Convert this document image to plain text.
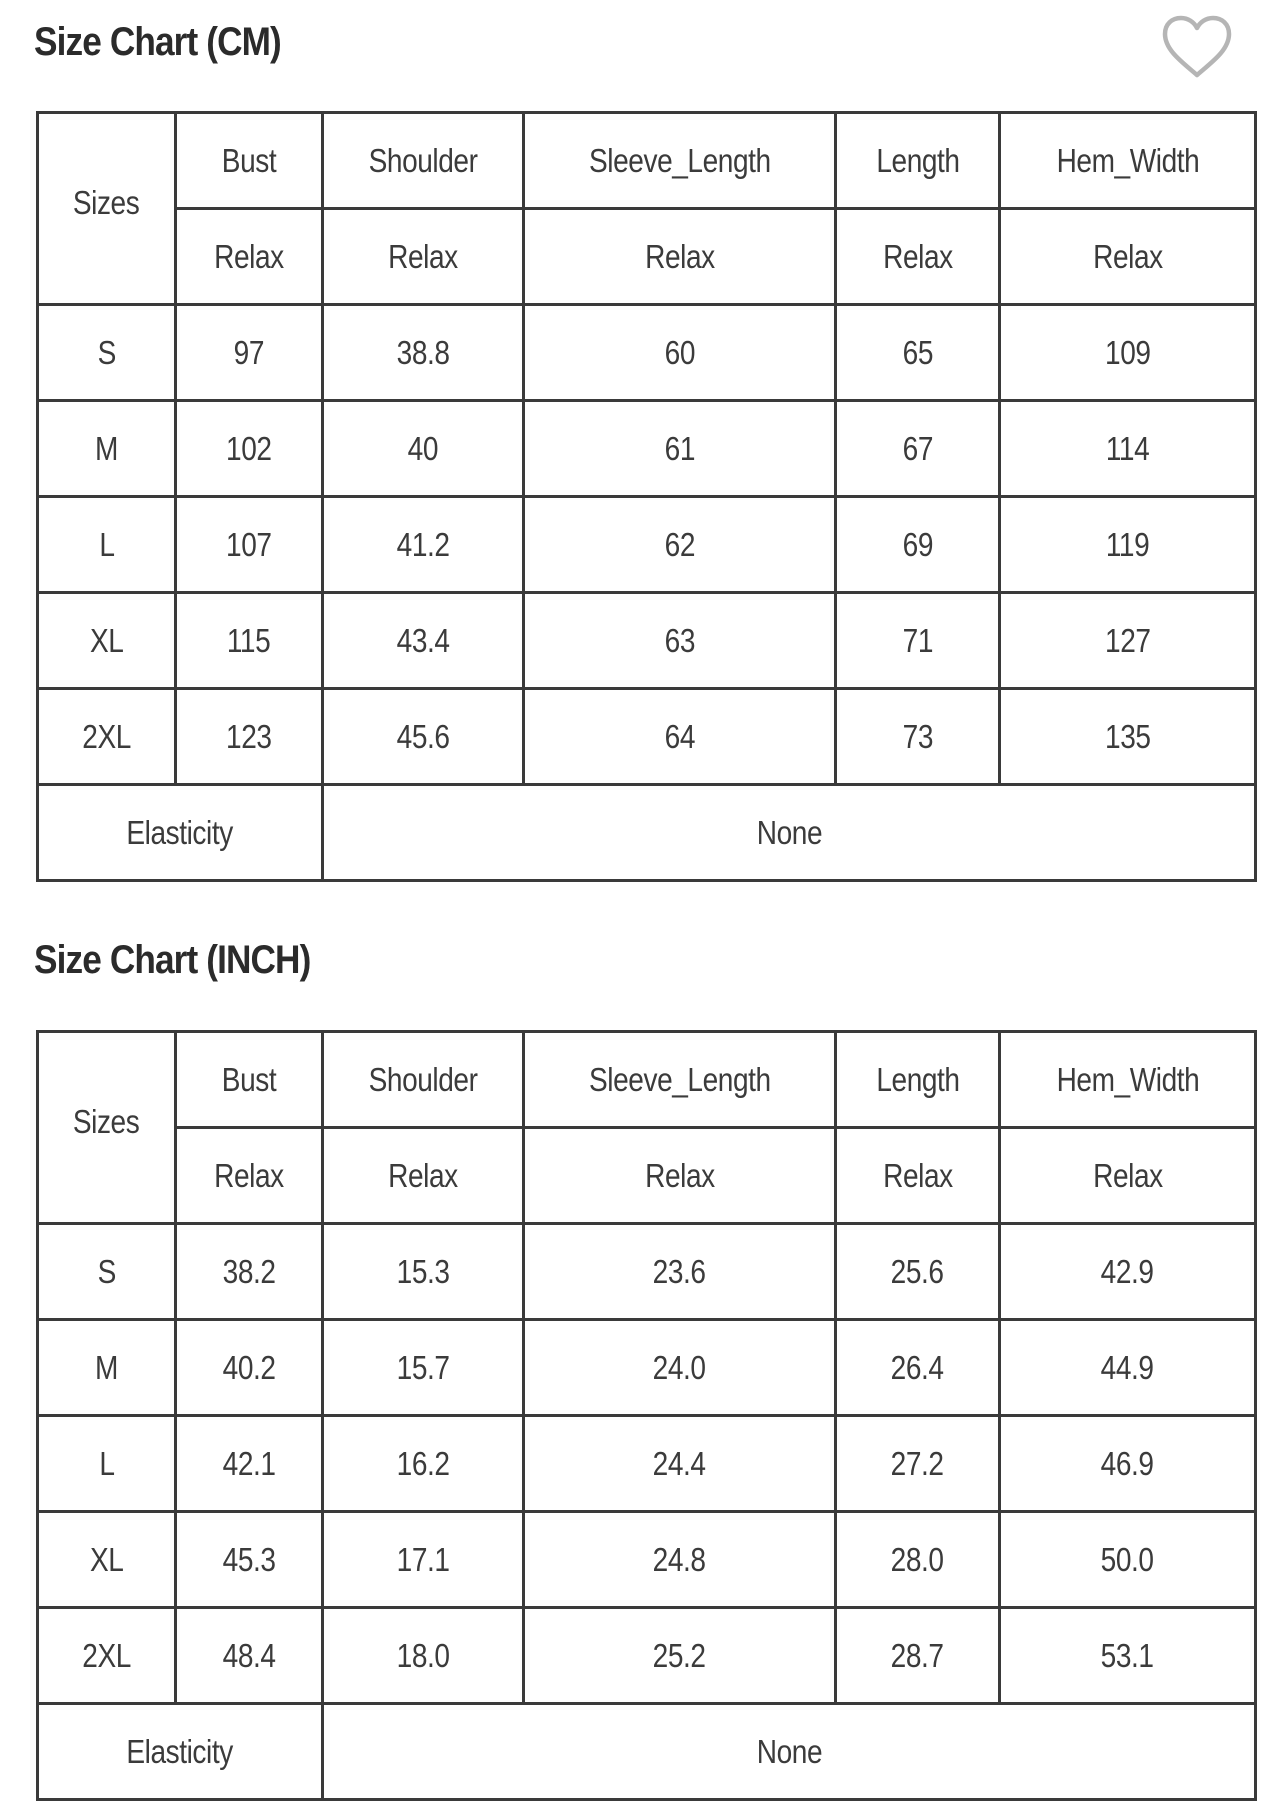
Size Chart (CM)
Sizes	Bust	Shoulder	Sleeve_Length	Length	Hem_Width
	Relax	Relax	Relax	Relax	Relax
S	97	38.8	60	65	109
M	102	40	61	67	114
L	107	41.2	62	69	119
XL	115	43.4	63	71	127
2XL	123	45.6	64	73	135
Elasticity		None			
Size Chart (INCH)
Sizes	Bust	Shoulder	Sleeve_Length	Length	Hem_Width
	Relax	Relax	Relax	Relax	Relax
S	38.2	15.3	23.6	25.6	42.9
M	40.2	15.7	24.0	26.4	44.9
L	42.1	16.2	24.4	27.2	46.9
XL	45.3	17.1	24.8	28.0	50.0
2XL	48.4	18.0	25.2	28.7	53.1
Elasticity		None			
